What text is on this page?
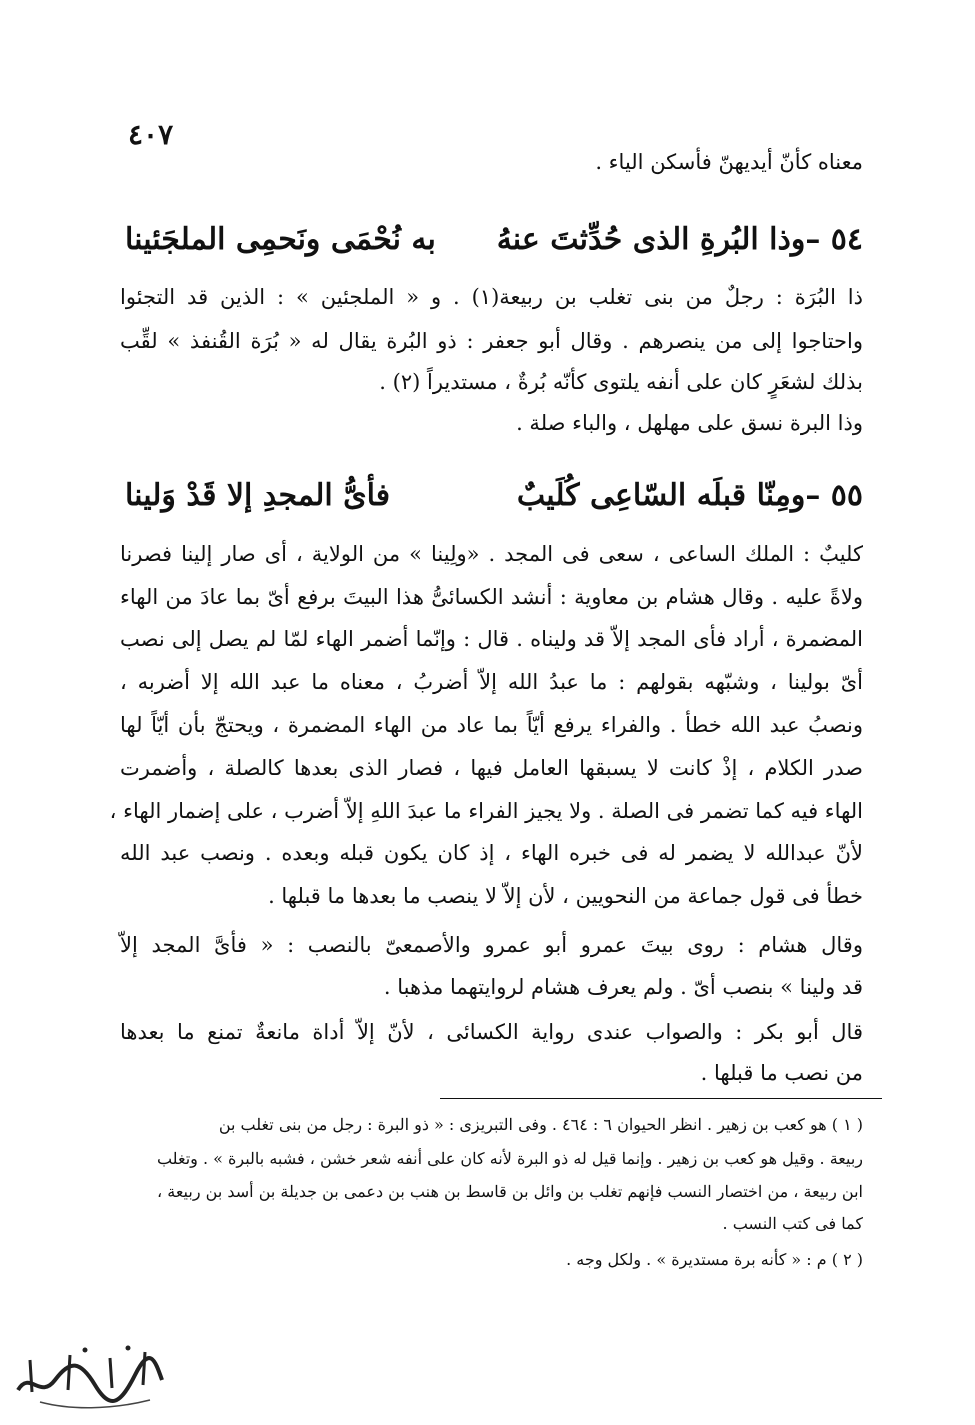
٤٠٧
معناه كأنّ أيديهنّ فأسكن الياء .
٥٤ –وذا البُرةِ الذى حُدِّثتَ عنهُ
به نُحْمَى ونَحمِى الملجَئينا
ذا البُرَة : رجلٌ من بنى تغلب بن ربيعة(١) . و « الملجئين » : الذين قد التجئوا
واحتاجوا إلى من ينصرهم . وقال أبو جعفر : ذو البُرة يقال له « بُرَة القُنفذ » لقِّب
بذلك لشعَرٍ كان على أنفه يلتوى كأنّه بُرةٌ ، مستديراً (٢) .
وذا البرة نسق على مهلهل ، والباء صلة .
٥٥ –ومِنّا قبلَه السّاعِى كُلَيبٌ
فأىُّ المجدِ إلا قَدْ وَلينا
كليبٌ : الملك الساعى ، سعى فى المجد . «ولِينا » من الولاية ، أى صار إلينا فصرنا
ولاةً عليه . وقال هشام بن معاوية : أنشد الكسائىُّ هذا البيتَ برفع أىّ بما عادَ من الهاء
المضمرة ، أراد فأى المجد إلاّ قد وليناه . قال : وإنّما أضمر الهاء لمّا لم يصل إلى نصب
أىّ بولينا ، وشبّهه بقولهم : ما عبدُ الله إلاّ أضربُ ، معناه ما عبد الله إلا أضربه ،
ونصبُ عبد الله خطأ . والفراء يرفع أيّاً بما عاد من الهاء المضمرة ، ويحتجّ بأن أيّاً لها
صدر الكلام ، إذْ كانت لا يسبقها العامل فيها ، فصار الذى بعدها كالصلة ، وأضمرت
الهاء فيه كما تضمر فى الصلة . ولا يجيز الفراء ما عبدَ اللهِ إلاّ أضرب ، على إضمار الهاء ،
لأنّ عبدالله لا يضمر له فى خبره الهاء ، إذ كان يكون قبله وبعده . ونصب عبد الله
خطأ فى قول جماعة من النحويين ، لأن إلاّ لا ينصب ما بعدها ما قبلها .
وقال هشام : روى بيتَ عمرو أبو عمرو والأصمعىّ بالنصب : « فأىَّ المجد إلاّ
قد ولينا » بنصب أىّ . ولم يعرف هشام لروايتهما مذهبا .
قال أبو بكر : والصواب عندى رواية الكسائى ، لأنّ إلاّ أداة مانعةٌ تمنع ما بعدها
من نصب ما قبلها .
( ١ ) هو كعب بن زهير . انظر الحيوان ٦ : ٤٦٤ . وفى التبريزى : « ذو البرة : رجل من بنى تغلب بن
ربيعة . وقيل هو كعب بن زهير . وإنما قيل له ذو البرة لأنه كان على أنفه شعر خشن ، فشبه بالبرة » . وتغلب
ابن ربيعة ، من اختصار النسب فإنهم تغلب بن وائل بن قاسط بن هنب بن دعمى بن جديلة بن أسد بن ربيعة ،
كما فى كتب النسب .
( ٢ ) م : « كأنه برة مستديرة » . ولكل وجه .
